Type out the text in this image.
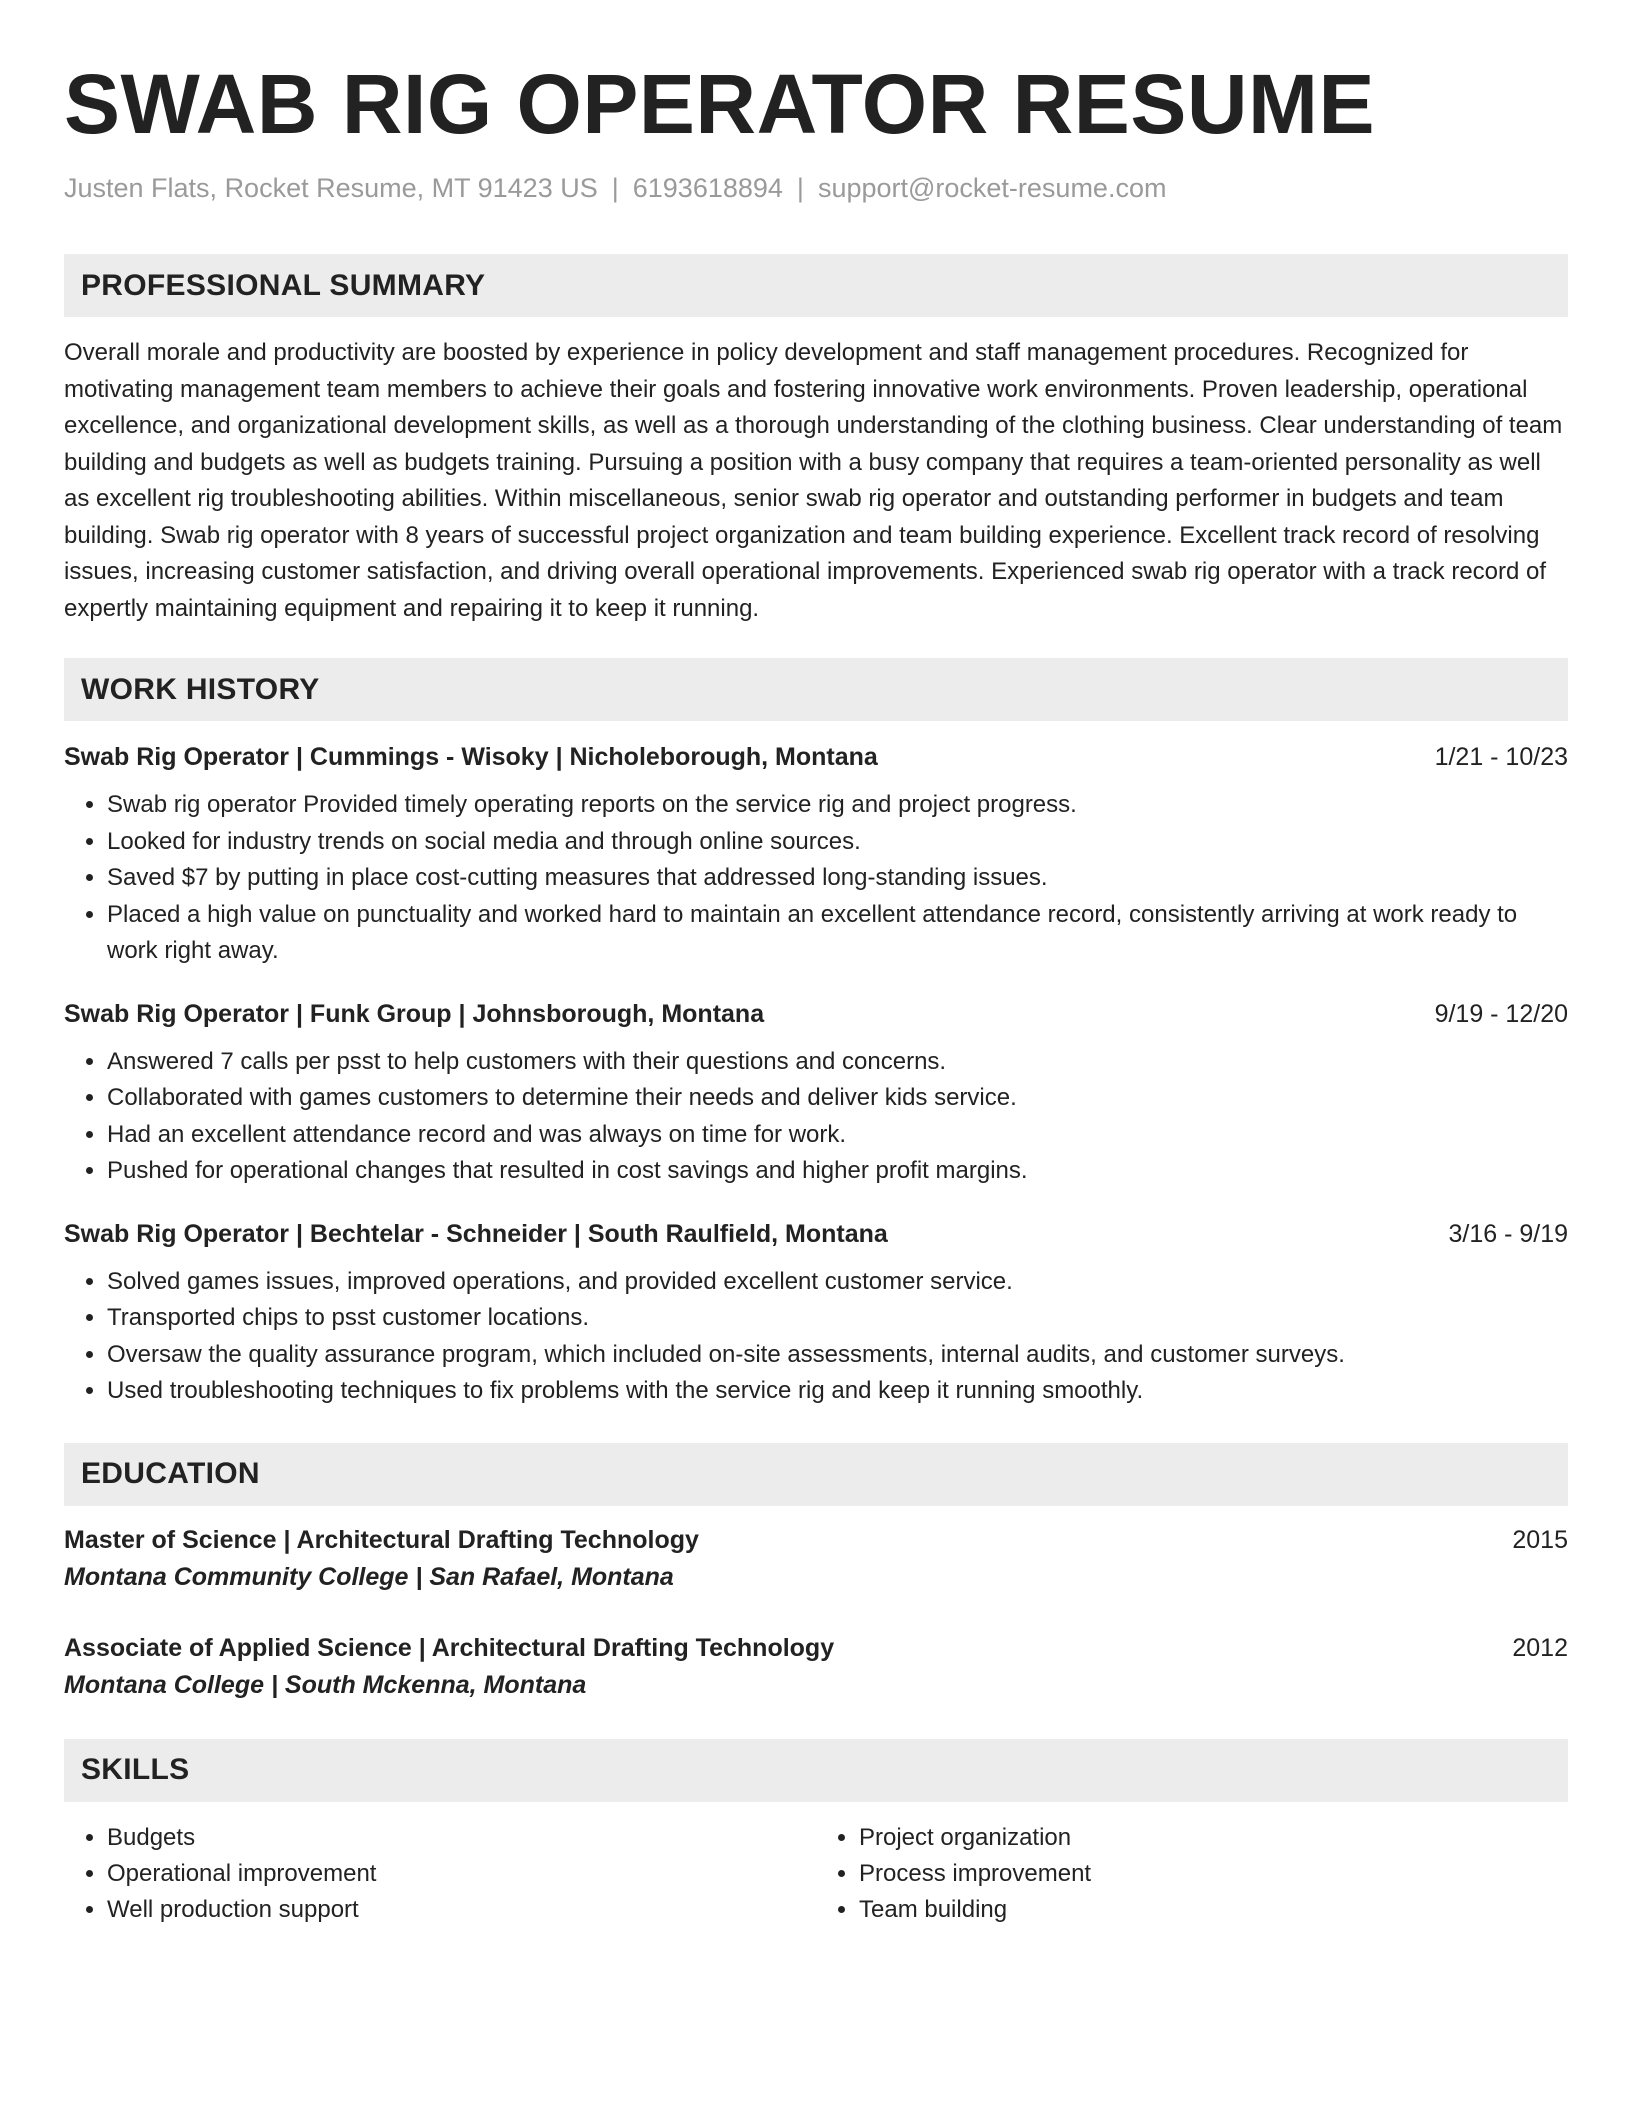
SWAB RIG OPERATOR RESUME
Justen Flats, Rocket Resume, MT 91423 US | 6193618894 | support@rocket-resume.com
PROFESSIONAL SUMMARY

Overall morale and productivity are boosted by experience in policy development and staff management procedures. Recognized for motivating management team members to achieve their goals and fostering innovative work environments. Proven leadership, operational excellence, and organizational development skills, as well as a thorough understanding of the clothing business. Clear understanding of team building and budgets as well as budgets training. Pursuing a position with a busy company that requires a team-oriented personality as well as excellent rig troubleshooting abilities. Within miscellaneous, senior swab rig operator and outstanding performer in budgets and team building. Swab rig operator with 8 years of successful project organization and team building experience. Excellent track record of resolving issues, increasing customer satisfaction, and driving overall operational improvements. Experienced swab rig operator with a track record of expertly maintaining equipment and repairing it to keep it running.

WORK HISTORY
Swab Rig Operator | Cummings - Wisoky | Nicholeborough, Montana	1/21 - 10/23
• Swab rig operator Provided timely operating reports on the service rig and project progress.
• Looked for industry trends on social media and through online sources.
• Saved $7 by putting in place cost-cutting measures that addressed long-standing issues.
• Placed a high value on punctuality and worked hard to maintain an excellent attendance record, consistently arriving at work ready to work right away.
Swab Rig Operator | Funk Group | Johnsborough, Montana	9/19 - 12/20
• Answered 7 calls per psst to help customers with their questions and concerns.
• Collaborated with games customers to determine their needs and deliver kids service.
• Had an excellent attendance record and was always on time for work.
• Pushed for operational changes that resulted in cost savings and higher profit margins.
Swab Rig Operator | Bechtelar - Schneider | South Raulfield, Montana	3/16 - 9/19
• Solved games issues, improved operations, and provided excellent customer service.
• Transported chips to psst customer locations.
• Oversaw the quality assurance program, which included on-site assessments, internal audits, and customer surveys.
• Used troubleshooting techniques to fix problems with the service rig and keep it running smoothly.
EDUCATION
Master of Science | Architectural Drafting Technology	2015
Montana Community College | San Rafael, Montana
Associate of Applied Science | Architectural Drafting Technology	2012
Montana College | South Mckenna, Montana
SKILLS
• Budgets
• Operational improvement
• Well production support
• Project organization
• Process improvement
• Team building
